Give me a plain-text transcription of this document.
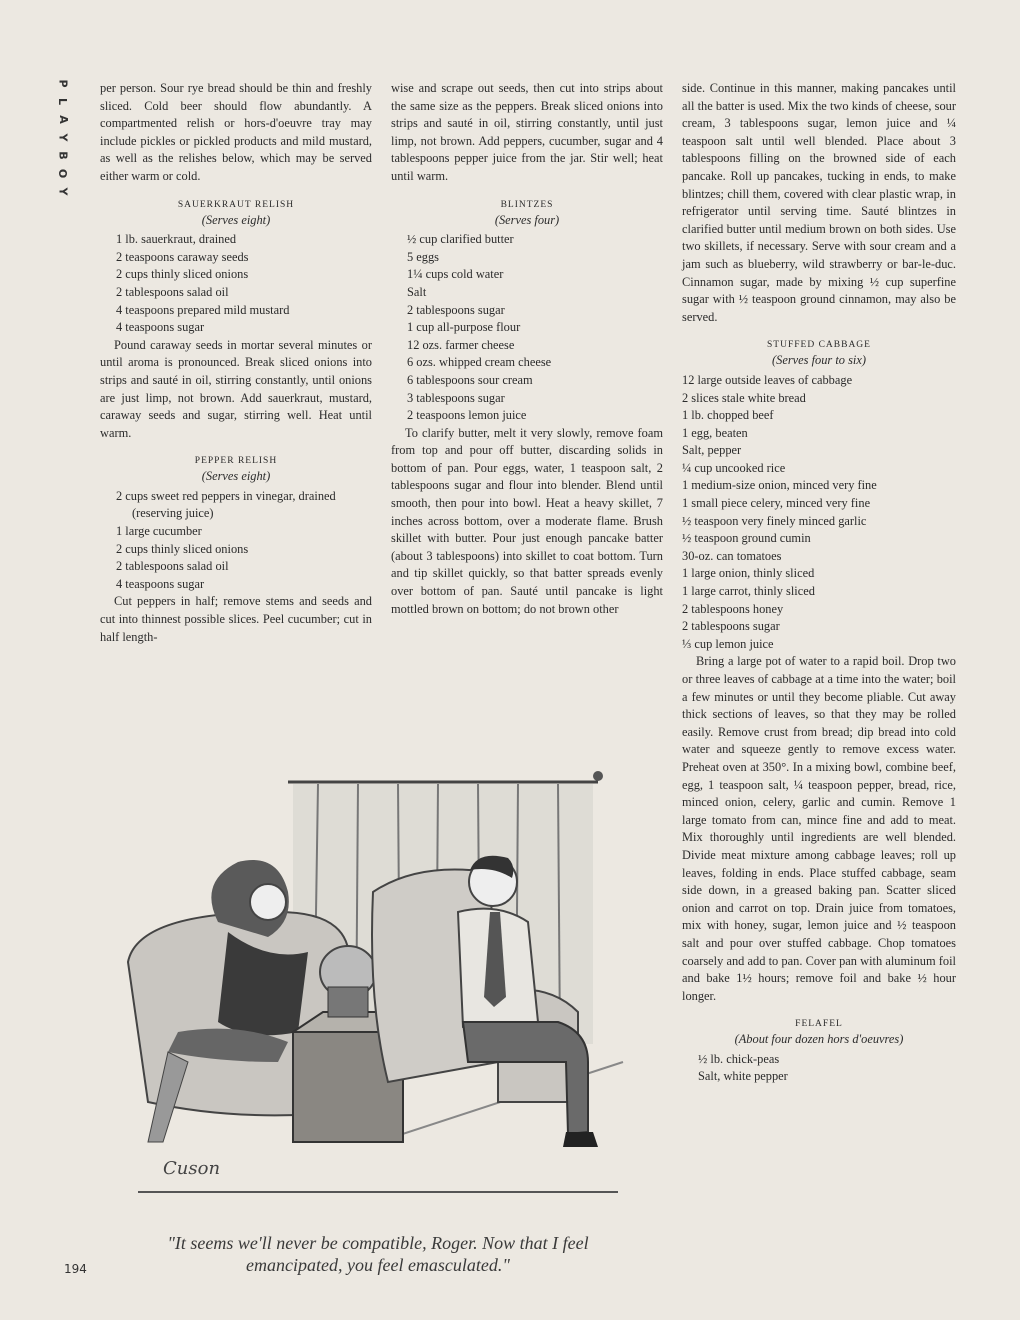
P
L
A
Y
B
O
Y

per person. Sour rye bread should be thin and freshly sliced. Cold beer should flow abundantly. A compartmented relish or hors-d'oeuvre tray may include pickles or pickled products and mild mustard, as well as the relishes below, which may be served either warm or cold.

SAUERKRAUT RELISH
(Serves eight)
1 lb. sauerkraut, drained
2 teaspoons caraway seeds
2 cups thinly sliced onions
2 tablespoons salad oil
4 teaspoons prepared mild mustard
4 teaspoons sugar

Pound caraway seeds in mortar several minutes or until aroma is pronounced. Break sliced onions into strips and sauté in oil, stirring constantly, until onions are just limp, not brown. Add sauerkraut, mustard, caraway seeds and sugar, stirring well. Heat until warm.

PEPPER RELISH
(Serves eight)
2 cups sweet red peppers in vinegar, drained (reserving juice)
1 large cucumber
2 cups thinly sliced onions
2 tablespoons salad oil
4 teaspoons sugar

Cut peppers in half; remove stems and seeds and cut into thinnest possible slices. Peel cucumber; cut in half length-

wise and scrape out seeds, then cut into strips about the same size as the peppers. Break sliced onions into strips and sauté in oil, stirring constantly, until just limp, not brown. Add peppers, cucumber, sugar and 4 tablespoons pepper juice from the jar. Stir well; heat until warm.

BLINTZES
(Serves four)
½ cup clarified butter
5 eggs
1¼ cups cold water
Salt
2 tablespoons sugar
1 cup all-purpose flour
12 ozs. farmer cheese
6 ozs. whipped cream cheese
6 tablespoons sour cream
3 tablespoons sugar
2 teaspoons lemon juice

To clarify butter, melt it very slowly, remove foam from top and pour off butter, discarding solids in bottom of pan. Pour eggs, water, 1 teaspoon salt, 2 tablespoons sugar and flour into blender. Blend until smooth, then pour into bowl. Heat a heavy skillet, 7 inches across bottom, over a moderate flame. Brush skillet with butter. Pour just enough pancake batter (about 3 tablespoons) into skillet to coat bottom. Turn and tip skillet quickly, so that batter spreads evenly over bottom of pan. Sauté until pancake is light mottled brown on bottom; do not brown other

side. Continue in this manner, making pancakes until all the batter is used. Mix the two kinds of cheese, sour cream, 3 tablespoons sugar, lemon juice and ¼ teaspoon salt until well blended. Place about 3 tablespoons filling on the browned side of each pancake. Roll up pancakes, tucking in ends, to make blintzes; chill them, covered with clear plastic wrap, in refrigerator until serving time. Sauté blintzes in clarified butter until medium brown on both sides. Use two skillets, if necessary. Serve with sour cream and a jam such as blueberry, wild strawberry or bar-le-duc. Cinnamon sugar, made by mixing ½ cup superfine sugar with ½ teaspoon ground cinnamon, may also be served.

STUFFED CABBAGE
(Serves four to six)
12 large outside leaves of cabbage
2 slices stale white bread
1 lb. chopped beef
1 egg, beaten
Salt, pepper
¼ cup uncooked rice
1 medium-size onion, minced very fine
1 small piece celery, minced very fine
½ teaspoon very finely minced garlic
½ teaspoon ground cumin
30-oz. can tomatoes
1 large onion, thinly sliced
1 large carrot, thinly sliced
2 tablespoons honey
2 tablespoons sugar
⅓ cup lemon juice

Bring a large pot of water to a rapid boil. Drop two or three leaves of cabbage at a time into the water; boil a few minutes or until they become pliable. Cut away thick sections of leaves, so that they may be rolled easily. Remove crust from bread; dip bread into cold water and squeeze gently to remove excess water. Preheat oven at 350°. In a mixing bowl, combine beef, egg, 1 teaspoon salt, ¼ teaspoon pepper, bread, rice, minced onion, celery, garlic and cumin. Remove 1 large tomato from can, mince fine and add to meat. Mix thoroughly until ingredients are well blended. Divide meat mixture among cabbage leaves; roll up leaves, folding in ends. Place stuffed cabbage, seam side down, in a greased baking pan. Scatter sliced onion and carrot on top. Drain juice from tomatoes, mix with honey, sugar, lemon juice and ½ teaspoon salt and pour over stuffed cabbage. Chop tomatoes coarsely and add to pan. Cover pan with aluminum foil and bake 1½ hours; remove foil and bake ½ hour longer.

FELAFEL
(About four dozen hors d'oeuvres)
½ lb. chick-peas
Salt, white pepper
Cuson
"It seems we'll never be compatible, Roger. Now that I feel emancipated, you feel emasculated."
194
